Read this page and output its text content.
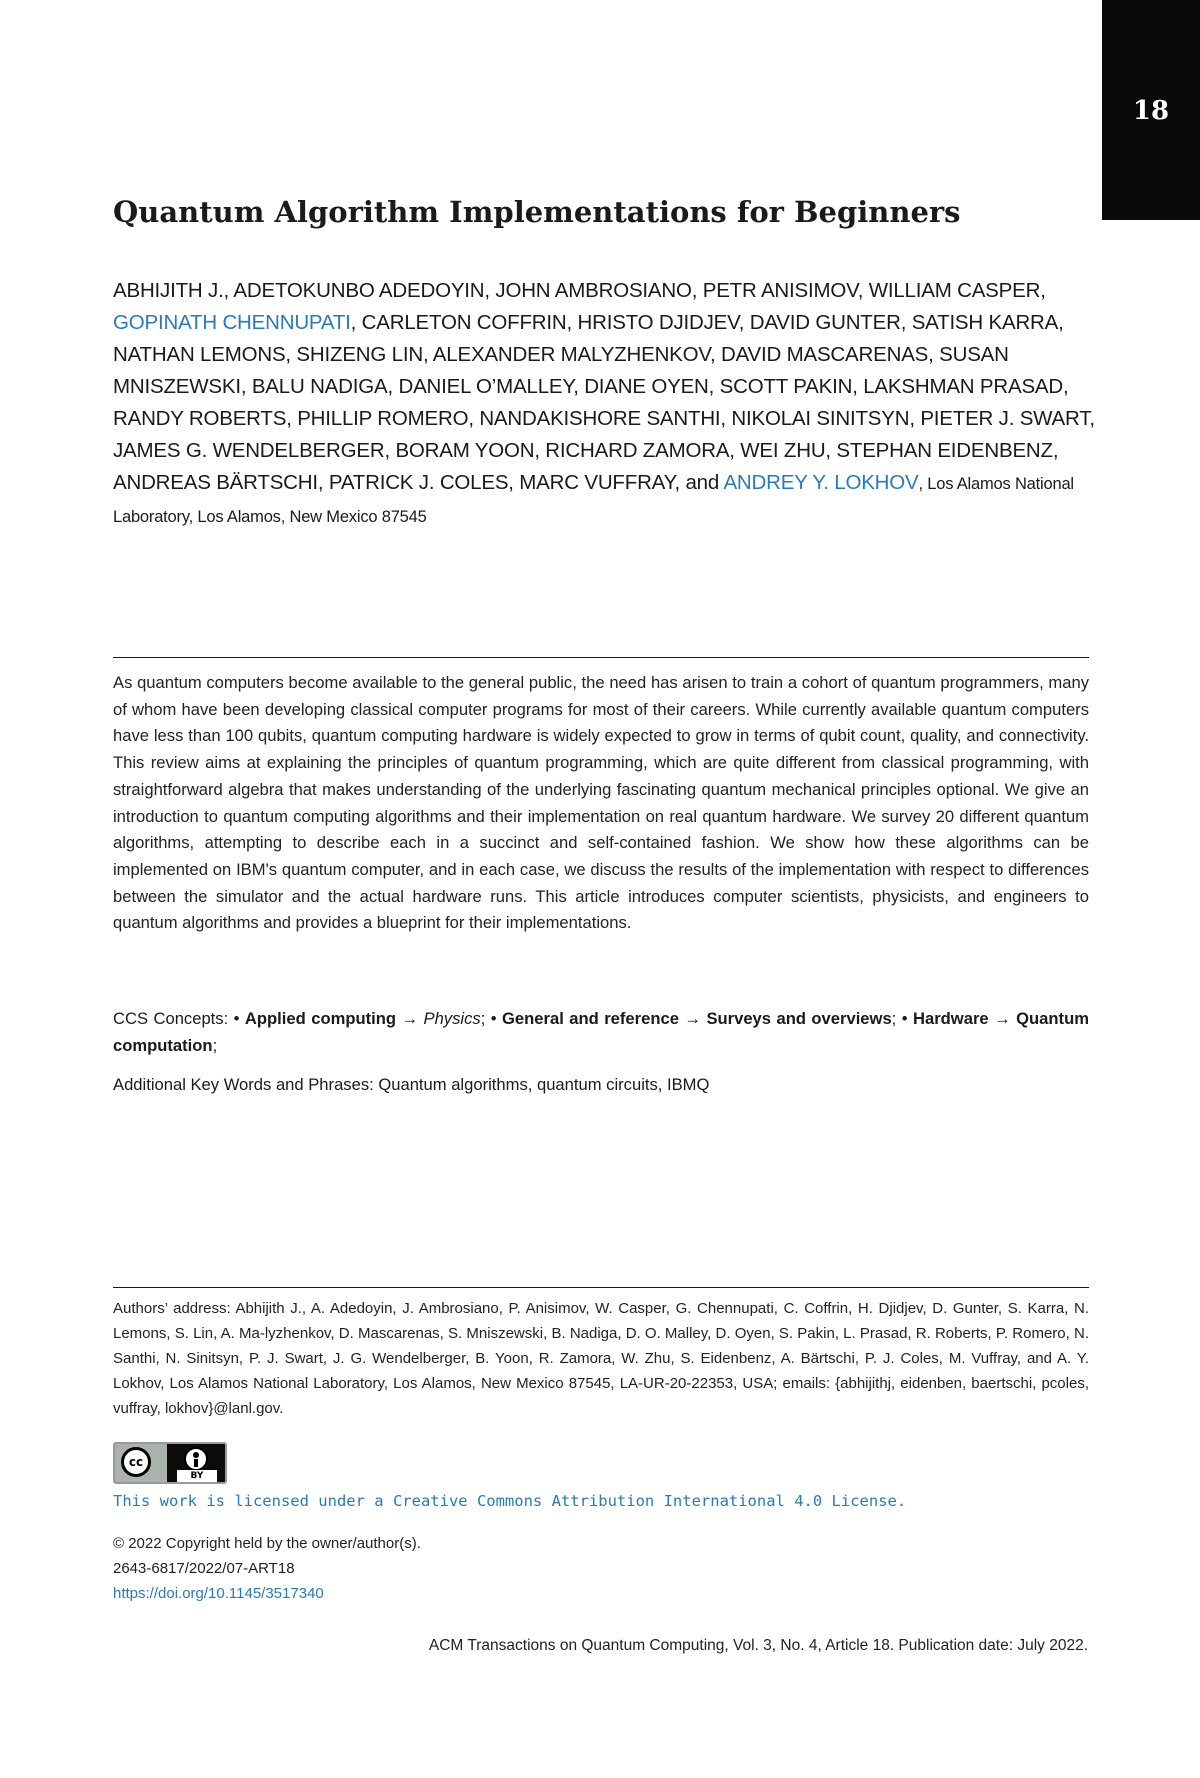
18
Quantum Algorithm Implementations for Beginners
ABHIJITH J., ADETOKUNBO ADEDOYIN, JOHN AMBROSIANO, PETR ANISIMOV, WILLIAM CASPER, GOPINATH CHENNUPATI, CARLETON COFFRIN, HRISTO DJIDJEV, DAVID GUNTER, SATISH KARRA, NATHAN LEMONS, SHIZENG LIN, ALEXANDER MALYZHENKOV, DAVID MASCARENAS, SUSAN MNISZEWSKI, BALU NADIGA, DANIEL O’MALLEY, DIANE OYEN, SCOTT PAKIN, LAKSHMAN PRASAD, RANDY ROBERTS, PHILLIP ROMERO, NANDAKISHORE SANTHI, NIKOLAI SINITSYN, PIETER J. SWART, JAMES G. WENDELBERGER, BORAM YOON, RICHARD ZAMORA, WEI ZHU, STEPHAN EIDENBENZ, ANDREAS BÄRTSCHI, PATRICK J. COLES, MARC VUFFRAY, and ANDREY Y. LOKHOV, Los Alamos National Laboratory, Los Alamos, New Mexico 87545

As quantum computers become available to the general public, the need has arisen to train a cohort of quantum programmers, many of whom have been developing classical computer programs for most of their careers. While currently available quantum computers have less than 100 qubits, quantum computing hardware is widely expected to grow in terms of qubit count, quality, and connectivity. This review aims at explaining the principles of quantum programming, which are quite different from classical programming, with straightforward algebra that makes understanding of the underlying fascinating quantum mechanical principles optional. We give an introduction to quantum computing algorithms and their implementation on real quantum hardware. We survey 20 different quantum algorithms, attempting to describe each in a succinct and self-contained fashion. We show how these algorithms can be implemented on IBM's quantum computer, and in each case, we discuss the results of the implementation with respect to differences between the simulator and the actual hardware runs. This article introduces computer scientists, physicists, and engineers to quantum algorithms and provides a blueprint for their implementations.

CCS Concepts: • Applied computing → Physics; • General and reference → Surveys and overviews; • Hardware → Quantum computation;

Additional Key Words and Phrases: Quantum algorithms, quantum circuits, IBMQ

Authors’ address: Abhijith J., A. Adedoyin, J. Ambrosiano, P. Anisimov, W. Casper, G. Chennupati, C. Coffrin, H. Djidjev, D. Gunter, S. Karra, N. Lemons, S. Lin, A. Ma-lyzhenkov, D. Mascarenas, S. Mniszewski, B. Nadiga, D. O. Malley, D. Oyen, S. Pakin, L. Prasad, R. Roberts, P. Romero, N. Santhi, N. Sinitsyn, P. J. Swart, J. G. Wendelberger, B. Yoon, R. Zamora, W. Zhu, S. Eidenbenz, A. Bärtschi, P. J. Coles, M. Vuffray, and A. Y. Lokhov, Los Alamos National Laboratory, Los Alamos, New Mexico 87545, LA-UR-20-22353, USA; emails: {abhijithj, eidenben, baertschi, pcoles, vuffray, lokhov}@lanl.gov.

cc
BY
This work is licensed under a Creative Commons Attribution International 4.0 License.
© 2022 Copyright held by the owner/author(s).
2643-6817/2022/07-ART18
https://doi.org/10.1145/3517340

ACM Transactions on Quantum Computing, Vol. 3, No. 4, Article 18. Publication date: July 2022.
